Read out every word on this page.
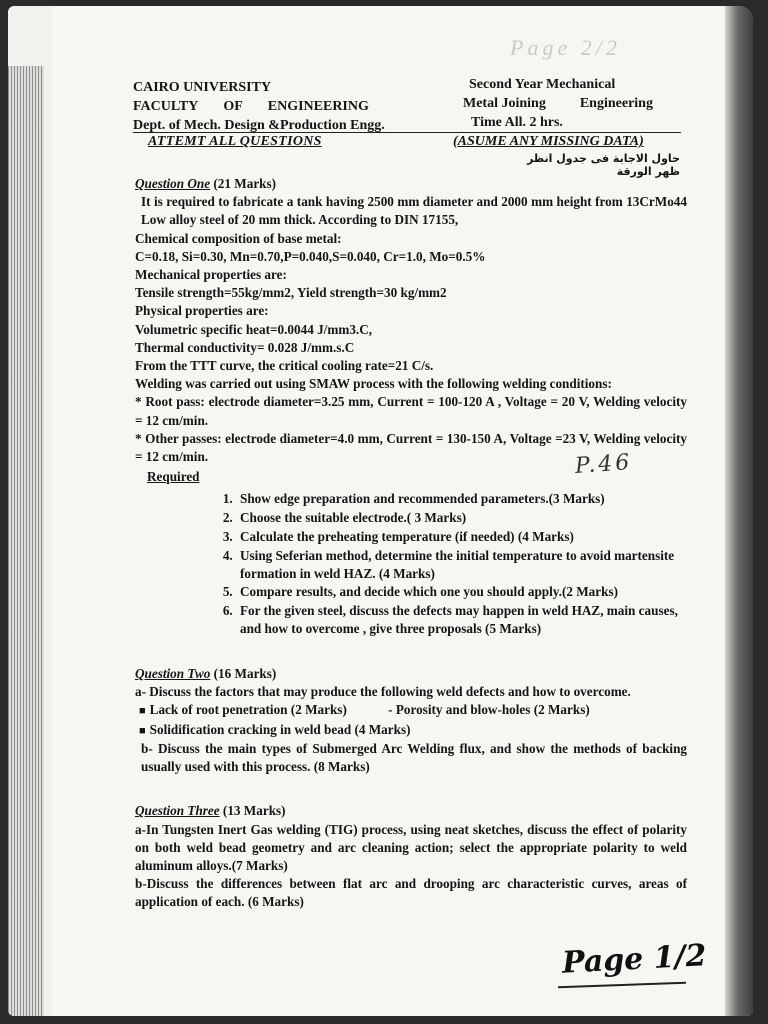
Page 2/2
CAIRO UNIVERSITY
FACULTY OF ENGINEERING
Dept. of Mech. Design &Production Engg.
Second Year Mechanical
Metal Joining Engineering
Time All. 2 hrs.
ATTEMT ALL QUESTIONS	(ASUME ANY MISSING DATA)
حاول الاجابة فى جدول انظر ظهر الورقة
Question One (21 Marks)
It is required to fabricate a tank having 2500 mm diameter and 2000 mm height from 13CrMo44 Low alloy steel of 20 mm thick. According to DIN 17155,
Chemical composition of base metal:
C=0.18, Si=0.30, Mn=0.70,P=0.040,S=0.040, Cr=1.0, Mo=0.5%
Mechanical properties are:
Tensile strength=55kg/mm2, Yield strength=30 kg/mm2
Physical properties are:
Volumetric specific heat=0.0044 J/mm3.C,
Thermal conductivity= 0.028 J/mm.s.C
From the TTT curve, the critical cooling rate=21 C/s.
Welding was carried out using SMAW process with the following welding conditions:
* Root pass: electrode diameter=3.25 mm, Current = 100-120 A , Voltage = 20 V, Welding velocity = 12 cm/min.
* Other passes: electrode diameter=4.0 mm, Current = 130-150 A, Voltage =23 V, Welding velocity = 12 cm/min.
Required
1. Show edge preparation and recommended parameters.(3 Marks)
2. Choose the suitable electrode.( 3 Marks)
3. Calculate the preheating temperature (if needed) (4 Marks)
4. Using Seferian method, determine the initial temperature to avoid martensite formation in weld HAZ. (4 Marks)
5. Compare results, and decide which one you should apply.(2 Marks)
6. For the given steel, discuss the defects may happen in weld HAZ, main causes, and how to overcome , give three proposals (5 Marks)
Question Two (16 Marks)
a- Discuss the factors that may produce the following weld defects and how to overcome.
■ Lack of root penetration (2 Marks)	- Porosity and blow-holes (2 Marks)
■ Solidification cracking in weld bead (4 Marks)
b- Discuss the main types of Submerged Arc Welding flux, and show the methods of backing usually used with this process. (8 Marks)
Question Three (13 Marks)
a-In Tungsten Inert Gas welding (TIG) process, using neat sketches, discuss the effect of polarity on both weld bead geometry and arc cleaning action; select the appropriate polarity to weld aluminum alloys.(7 Marks)
b-Discuss the differences between flat arc and drooping arc characteristic curves, areas of application of each. (6 Marks)
P.46
Page 1/2
